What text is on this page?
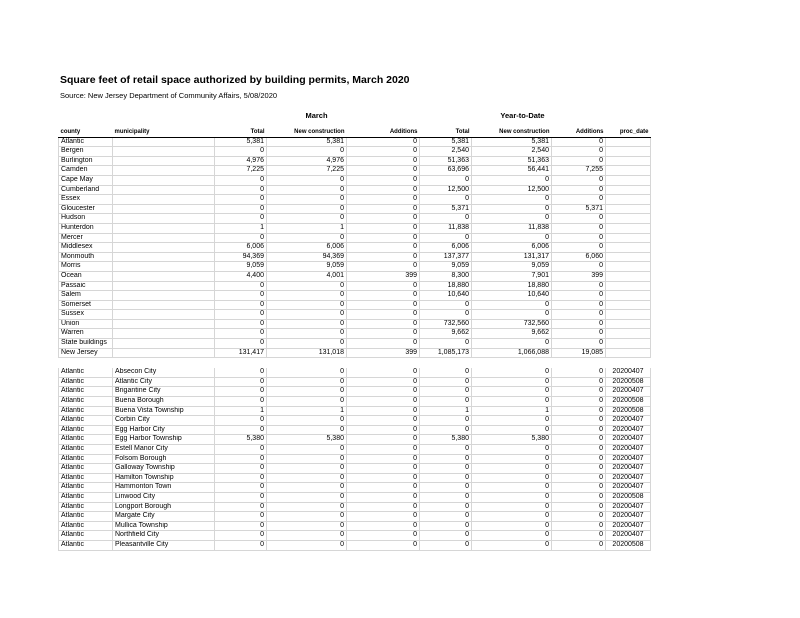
Square feet of retail space authorized by building permits, March 2020
Source: New Jersey Department of Community Affairs, 5/08/2020
March	Year-to-Date
county	municipality	Total	New construction	Additions	Total	New construction	Additions	proc_date
Atlantic		5,381	5,381	0	5,381	5,381	0	
Bergen		0	0	0	2,540	2,540	0	
Burlington		4,976	4,976	0	51,363	51,363	0	
Camden		7,225	7,225	0	63,696	56,441	7,255	
Cape May		0	0	0	0	0	0	
Cumberland		0	0	0	12,500	12,500	0	
Essex		0	0	0	0	0	0	
Gloucester		0	0	0	5,371	0	5,371	
Hudson		0	0	0	0	0	0	
Hunterdon		1	1	0	11,838	11,838	0	
Mercer		0	0	0	0	0	0	
Middlesex		6,006	6,006	0	6,006	6,006	0	
Monmouth		94,369	94,369	0	137,377	131,317	6,060	
Morris		9,059	9,059	0	9,059	9,059	0	
Ocean		4,400	4,001	399	8,300	7,901	399	
Passaic		0	0	0	18,880	18,880	0	
Salem		0	0	0	10,640	10,640	0	
Somerset		0	0	0	0	0	0	
Sussex		0	0	0	0	0	0	
Union		0	0	0	732,560	732,560	0	
Warren		0	0	0	9,662	9,662	0	
State buildings		0	0	0	0	0	0	
New Jersey		131,417	131,018	399	1,085,173	1,066,088	19,085	

Atlantic	Absecon City	0	0	0	0	0	0	20200407
Atlantic	Atlantic City	0	0	0	0	0	0	20200508
Atlantic	Brigantine City	0	0	0	0	0	0	20200407
Atlantic	Buena Borough	0	0	0	0	0	0	20200508
Atlantic	Buena Vista Township	1	1	0	1	1	0	20200508
Atlantic	Corbin City	0	0	0	0	0	0	20200407
Atlantic	Egg Harbor City	0	0	0	0	0	0	20200407
Atlantic	Egg Harbor Township	5,380	5,380	0	5,380	5,380	0	20200407
Atlantic	Estell Manor City	0	0	0	0	0	0	20200407
Atlantic	Folsom Borough	0	0	0	0	0	0	20200407
Atlantic	Galloway Township	0	0	0	0	0	0	20200407
Atlantic	Hamilton Township	0	0	0	0	0	0	20200407
Atlantic	Hammonton Town	0	0	0	0	0	0	20200407
Atlantic	Linwood City	0	0	0	0	0	0	20200508
Atlantic	Longport Borough	0	0	0	0	0	0	20200407
Atlantic	Margate City	0	0	0	0	0	0	20200407
Atlantic	Mullica Township	0	0	0	0	0	0	20200407
Atlantic	Northfield City	0	0	0	0	0	0	20200407
Atlantic	Pleasantville City	0	0	0	0	0	0	20200508
